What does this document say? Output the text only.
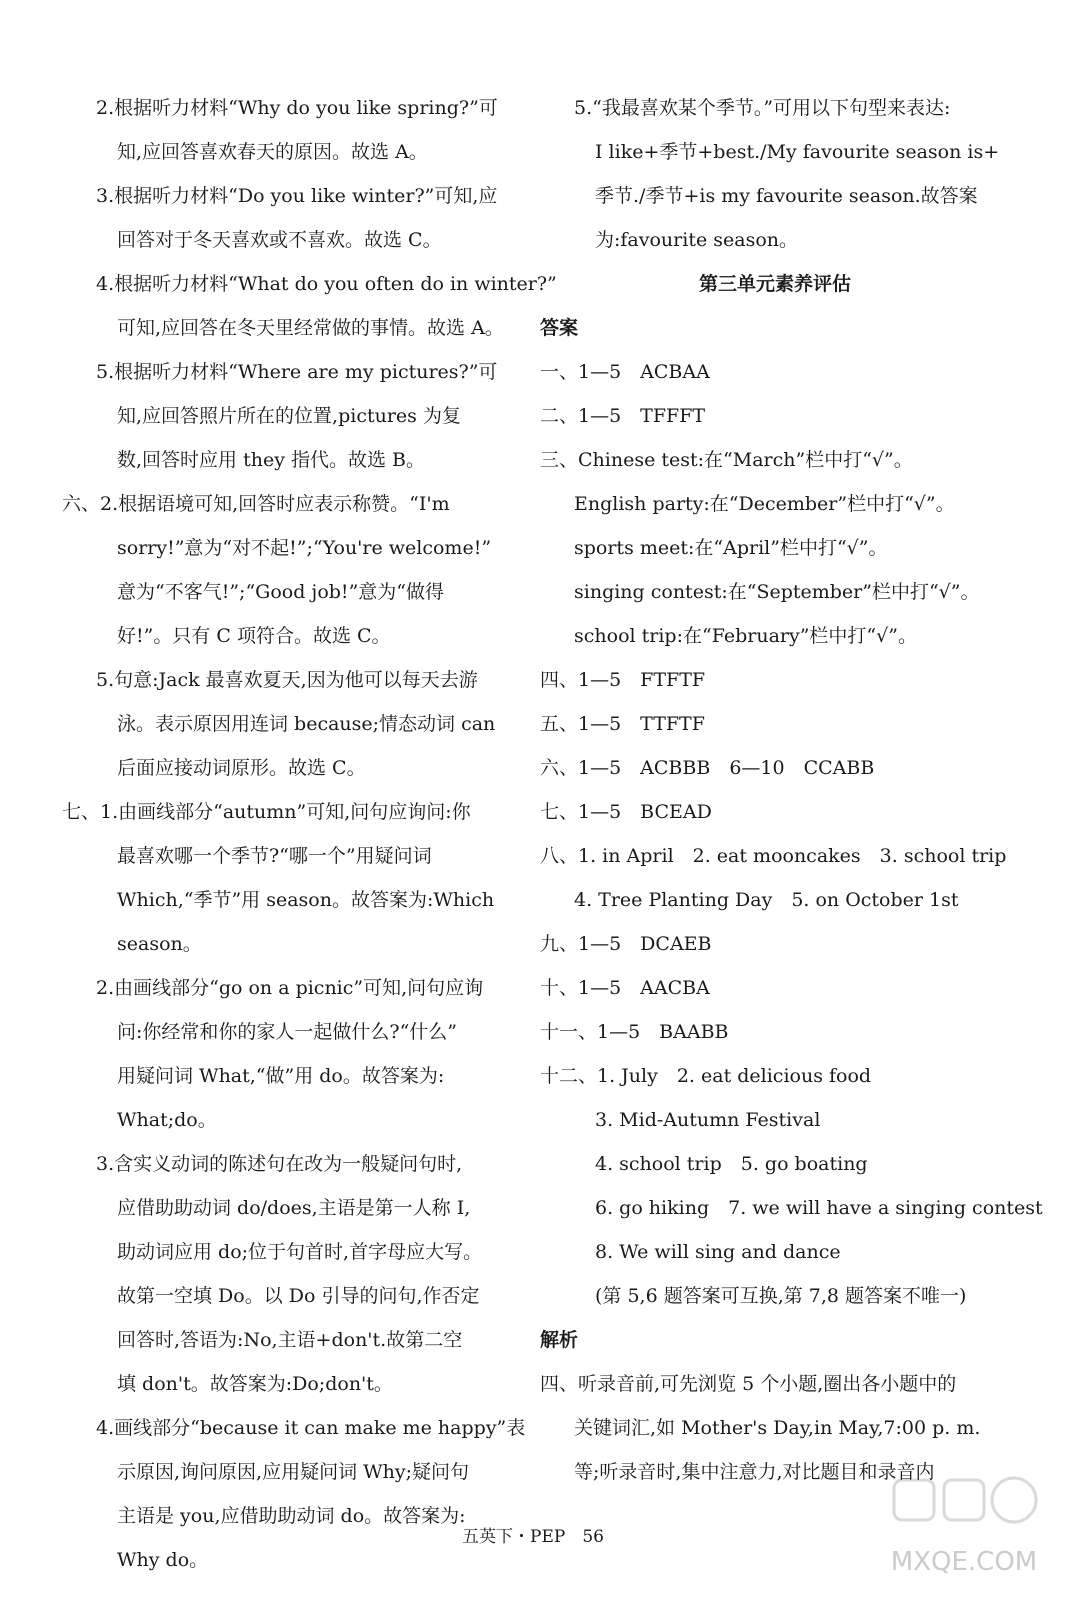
2.根据听力材料“Why do you like spring?”可
知,应回答喜欢春天的原因。故选 A。
3.根据听力材料“Do you like winter?”可知,应
回答对于冬天喜欢或不喜欢。故选 C。
4.根据听力材料“What do you often do in winter?”
可知,应回答在冬天里经常做的事情。故选 A。
5.根据听力材料“Where are my pictures?”可
知,应回答照片所在的位置,pictures 为复
数,回答时应用 they 指代。故选 B。
六、2.根据语境可知,回答时应表示称赞。“I'm
sorry!”意为“对不起!”;“You're welcome!”
意为“不客气!”;“Good job!”意为“做得
好!”。只有 C 项符合。故选 C。
5.句意:Jack 最喜欢夏天,因为他可以每天去游
泳。表示原因用连词 because;情态动词 can
后面应接动词原形。故选 C。
七、1.由画线部分“autumn”可知,问句应询问:你
最喜欢哪一个季节?“哪一个”用疑问词
Which,“季节”用 season。故答案为:Which
season。
2.由画线部分“go on a picnic”可知,问句应询
问:你经常和你的家人一起做什么?“什么”
用疑问词 What,“做”用 do。故答案为:
What;do。
3.含实义动词的陈述句在改为一般疑问句时,
应借助助动词 do/does,主语是第一人称 I,
助动词应用 do;位于句首时,首字母应大写。
故第一空填 Do。以 Do 引导的问句,作否定
回答时,答语为:No,主语+don't.故第二空
填 don't。故答案为:Do;don't。
4.画线部分“because it can make me happy”表
示原因,询问原因,应用疑问词 Why;疑问句
主语是 you,应借助助动词 do。故答案为:
Why do。
5.“我最喜欢某个季节。”可用以下句型来表达:
I like+季节+best./My favourite season is+
季节./季节+is my favourite season.故答案
为:favourite season。
第三单元素养评估
答案
一、1—5　ACBAA
二、1—5　TFFFT
三、Chinese test:在“March”栏中打“√”。
English party:在“December”栏中打“√”。
sports meet:在“April”栏中打“√”。
singing contest:在“September”栏中打“√”。
school trip:在“February”栏中打“√”。
四、1—5　FTFTF
五、1—5　TTFTF
六、1—5　ACBBB　6—10　CCABB
七、1—5　BCEAD
八、1. in April　2. eat mooncakes　3. school trip
4. Tree Planting Day　5. on October 1st
九、1—5　DCAEB
十、1—5　AACBA
十一、1—5　BAABB
十二、1. July　2. eat delicious food
3. Mid-Autumn Festival
4. school trip　5. go boating
6. go hiking　7. we will have a singing contest
8. We will sing and dance
(第 5,6 题答案可互换,第 7,8 题答案不唯一)
解析
四、听录音前,可先浏览 5 个小题,圈出各小题中的
关键词汇,如 Mother's Day,in May,7:00 p. m.
等;听录音时,集中注意力,对比题目和录音内
五英下・PEP　56
MXQE.COM
